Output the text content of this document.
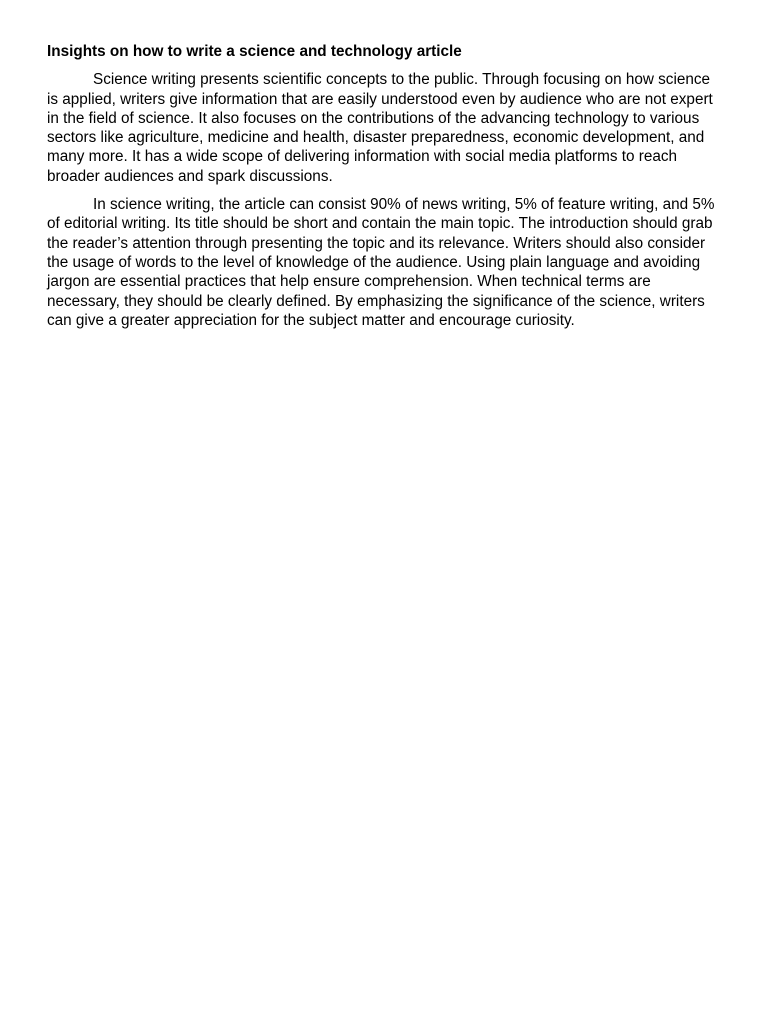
Insights on how to write a science and technology article

Science writing presents scientific concepts to the public. Through focusing on how science is applied, writers give information that are easily understood even by audience who are not expert in the field of science. It also focuses on the contributions of the advancing technology to various sectors like agriculture, medicine and health, disaster preparedness, economic development, and many more. It has a wide scope of delivering information with social media platforms to reach broader audiences and spark discussions.

In science writing, the article can consist 90% of news writing, 5% of feature writing, and 5% of editorial writing. Its title should be short and contain the main topic. The introduction should grab the reader’s attention through presenting the topic and its relevance. Writers should also consider the usage of words to the level of knowledge of the audience. Using plain language and avoiding jargon are essential practices that help ensure comprehension. When technical terms are necessary, they should be clearly defined. By emphasizing the significance of the science, writers can give a greater appreciation for the subject matter and encourage curiosity.
